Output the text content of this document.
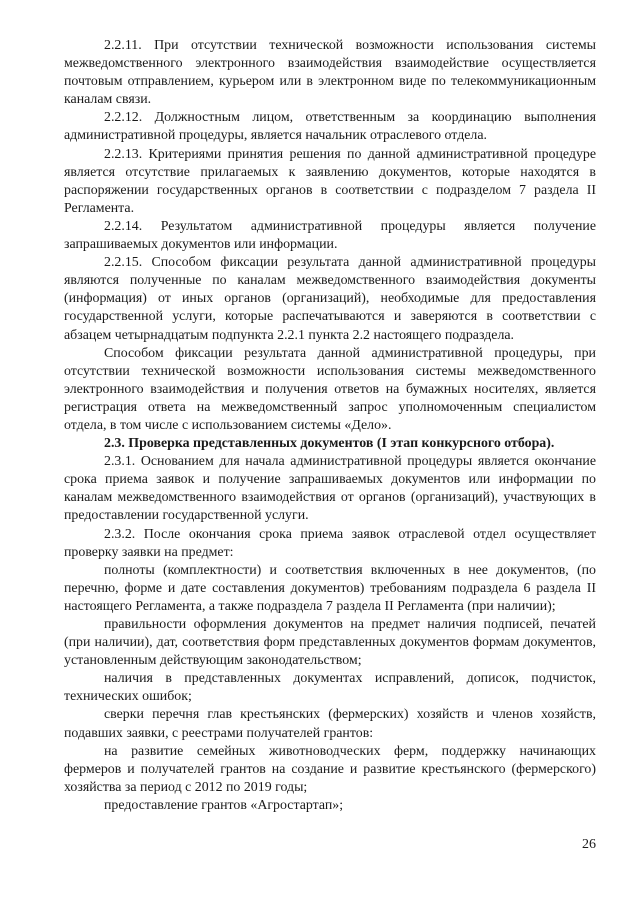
2.2.11. При отсутствии технической возможности использования системы межведомственного электронного взаимодействия взаимодействие осуществляется почтовым отправлением, курьером или в электронном виде по телекоммуникационным каналам связи.

2.2.12. Должностным лицом, ответственным за координацию выполнения административной процедуры, является начальник отраслевого отдела.

2.2.13. Критериями принятия решения по данной административной процедуре является отсутствие прилагаемых к заявлению документов, которые находятся в распоряжении государственных органов в соответствии с подразделом 7 раздела II Регламента.

2.2.14. Результатом административной процедуры является получение запрашиваемых документов или информации.

2.2.15. Способом фиксации результата данной административной процедуры являются полученные по каналам межведомственного взаимодействия документы (информация) от иных органов (организаций), необходимые для предоставления государственной услуги, которые распечатываются и заверяются в соответствии с абзацем четырнадцатым подпункта 2.2.1 пункта 2.2 настоящего подраздела.

Способом фиксации результата данной административной процедуры, при отсутствии технической возможности использования системы межведомственного электронного взаимодействия и получения ответов на бумажных носителях, является регистрация ответа на межведомственный запрос уполномоченным специалистом отдела, в том числе с использованием системы «Дело».

2.3. Проверка представленных документов (I этап конкурсного отбора).

2.3.1. Основанием для начала административной процедуры является окончание срока приема заявок и получение запрашиваемых документов или информации по каналам межведомственного взаимодействия от органов (организаций), участвующих в предоставлении государственной услуги.

2.3.2. После окончания срока приема заявок отраслевой отдел осуществляет проверку заявки на предмет:

полноты (комплектности) и соответствия включенных в нее документов, (по перечню, форме и дате составления документов) требованиям подраздела 6 раздела II настоящего Регламента, а также подраздела 7 раздела II Регламента (при наличии);

правильности оформления документов на предмет наличия подписей, печатей (при наличии), дат, соответствия форм представленных документов формам документов, установленным действующим законодательством;

наличия в представленных документах исправлений, дописок, подчисток, технических ошибок;

сверки перечня глав крестьянских (фермерских) хозяйств и членов хозяйств, подавших заявки, с реестрами получателей грантов:

на развитие семейных животноводческих ферм, поддержку начинающих фермеров и получателей грантов на создание и развитие крестьянского (фермерского) хозяйства за период с 2012 по 2019 годы;

предоставление грантов «Агростартап»;

26
